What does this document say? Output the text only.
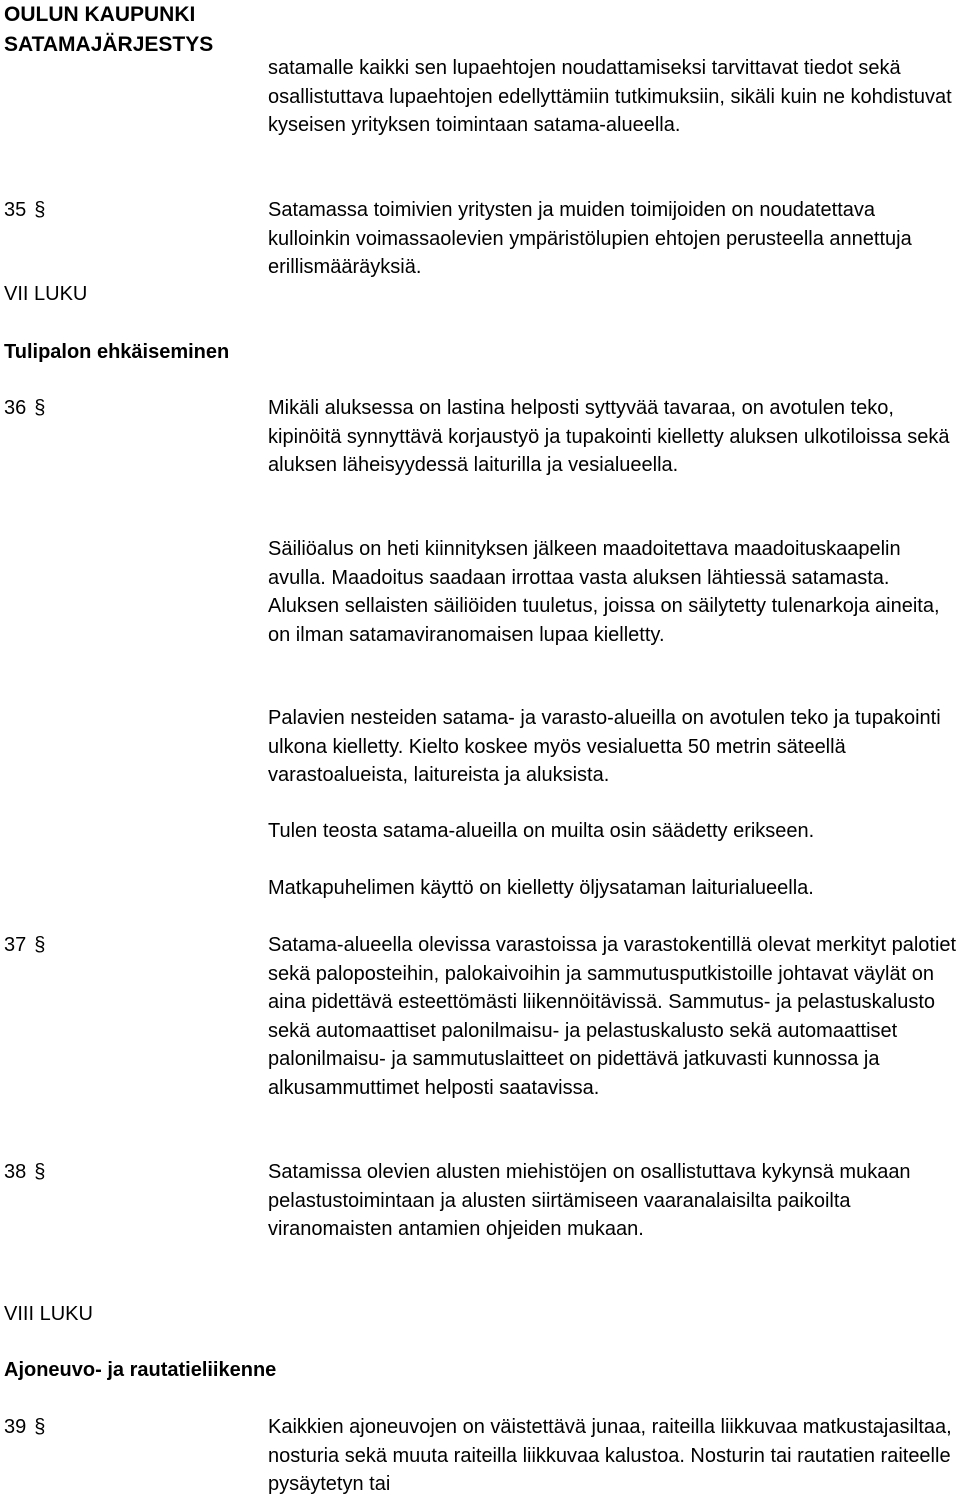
OULUN KAUPUNKI
SATAMAJÄRJESTYS

satamalle kaikki sen lupaehtojen noudattamiseksi tarvittavat tiedot sekä osallistuttava lupaehtojen edellyttämiin tutkimuksiin, sikäli kuin ne kohdistuvat kyseisen yrityksen toimintaan satama-alueella.

35 §	Satamassa toimivien yritysten ja muiden toimijoiden on noudatettava kulloinkin voimassaolevien ympäristölupien ehtojen perusteella annettuja erillismääräyksiä.

VII LUKU
Tulipalon ehkäiseminen
36 §	Mikäli aluksessa on lastina helposti syttyvää tavaraa, on avotulen teko, kipinöitä synnyttävä korjaustyö ja tupakointi kielletty aluksen ulkotiloissa sekä aluksen läheisyydessä laiturilla ja vesialueella.

Säiliöalus on heti kiinnityksen jälkeen maadoitettava maadoituskaapelin avulla. Maadoitus saadaan irrottaa vasta aluksen lähtiessä satamasta. Aluksen sellaisten säiliöiden tuuletus, joissa on säilytetty tulenarkoja aineita, on ilman satamaviranomaisen lupaa kielletty.

Palavien nesteiden satama- ja varasto-alueilla on avotulen teko ja tupakointi ulkona kielletty. Kielto koskee myös vesialuetta 50 metrin säteellä varastoalueista, laitureista ja aluksista.

Tulen teosta satama-alueilla on muilta osin säädetty erikseen.

Matkapuhelimen käyttö on kielletty öljysataman laiturialueella.

37 §	Satama-alueella olevissa varastoissa ja varastokentillä olevat merkityt palotiet sekä paloposteihin, palokaivoihin ja sammutusputkistoille johtavat väylät on aina pidettävä esteettömästi liikennöitävissä. Sammutus- ja pelastuskalusto sekä automaattiset palonilmaisu- ja pelastuskalusto sekä automaattiset palonilmaisu- ja sammutuslaitteet on pidettävä jatkuvasti kunnossa ja alkusammuttimet helposti saatavissa.

38 §	Satamissa olevien alusten miehistöjen on osallistuttava kykynsä mukaan pelastustoimintaan ja alusten siirtämiseen vaaranalaisilta paikoilta viranomaisten antamien ohjeiden mukaan.

VIII LUKU
Ajoneuvo- ja rautatieliikenne
39 §	Kaikkien ajoneuvojen on väistettävä junaa, raiteilla liikkuvaa matkustajasiltaa, nosturia sekä muuta raiteilla liikkuvaa kalustoa. Nosturin tai rautatien raiteelle pysäytetyn tai
